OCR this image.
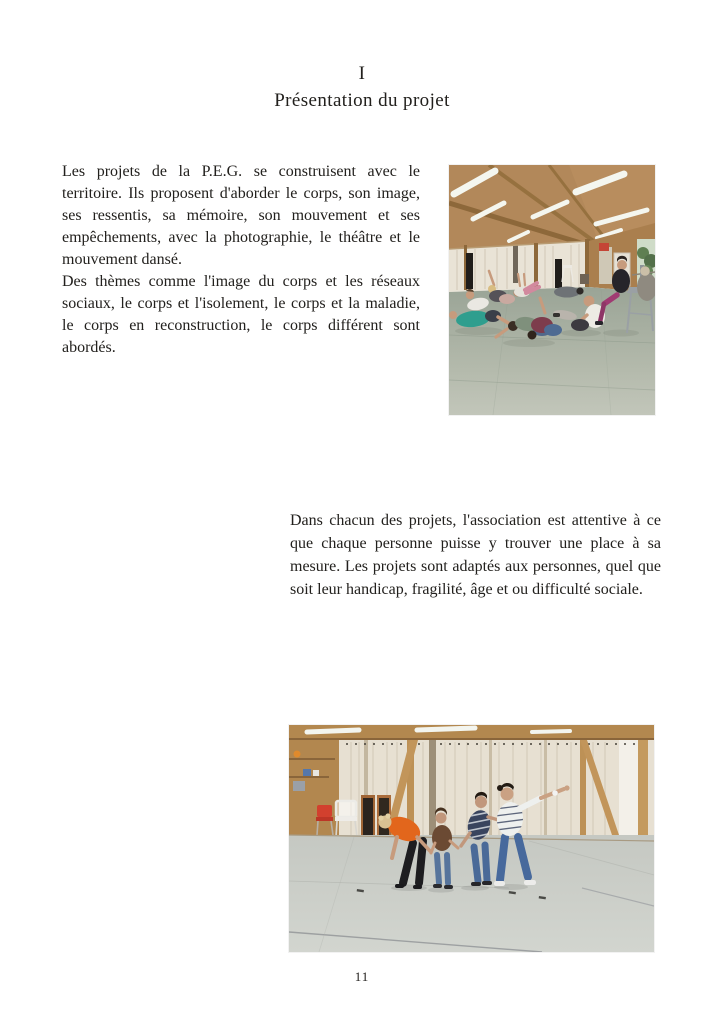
I
Présentation du projet

Les projets de la P.E.G. se construisent avec le territoire. Ils proposent d'aborder le corps, son image, ses ressentis, sa mémoire, son mouvement et ses empêchements, avec la photographie, le théâtre et le mouvement dansé.

Des thèmes comme l'image du corps et les réseaux sociaux, le corps et l'isolement, le corps et la maladie, le corps en reconstruction, le corps différent sont abordés.

Dans chacun des projets, l'association est attentive à ce que chaque personne puisse y trouver une place à sa mesure. Les projets sont adaptés aux personnes, quel que soit leur handicap, fragilité, âge et ou difficulté sociale.

11
